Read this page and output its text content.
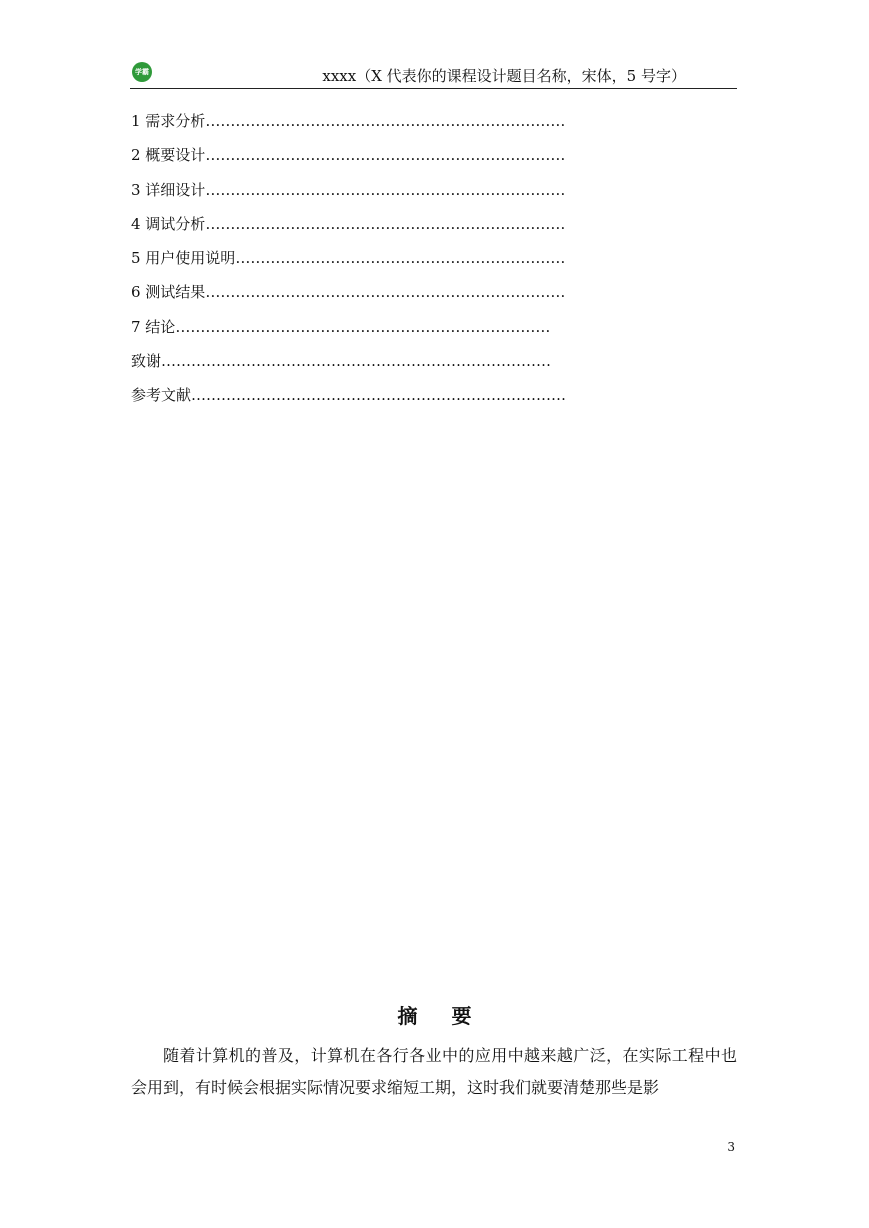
学霸	xxxx（X 代表你的课程设计题目名称，宋体，5 号字）
1 需求分析………………………………………………………………
2 概要设计………………………………………………………………
3 详细设计………………………………………………………………
4 调试分析………………………………………………………………
5 用户使用说明…………………………………………………………
6 测试结果………………………………………………………………
7 结论…………………………………………………………………
致谢……………………………………………………………………
参考文献…………………………………………………………………
摘 要
随着计算机的普及，计算机在各行各业中的应用中越来越广泛，在实际工程中也会用到，有时候会根据实际情况要求缩短工期，这时我们就要清楚那些是影
3
